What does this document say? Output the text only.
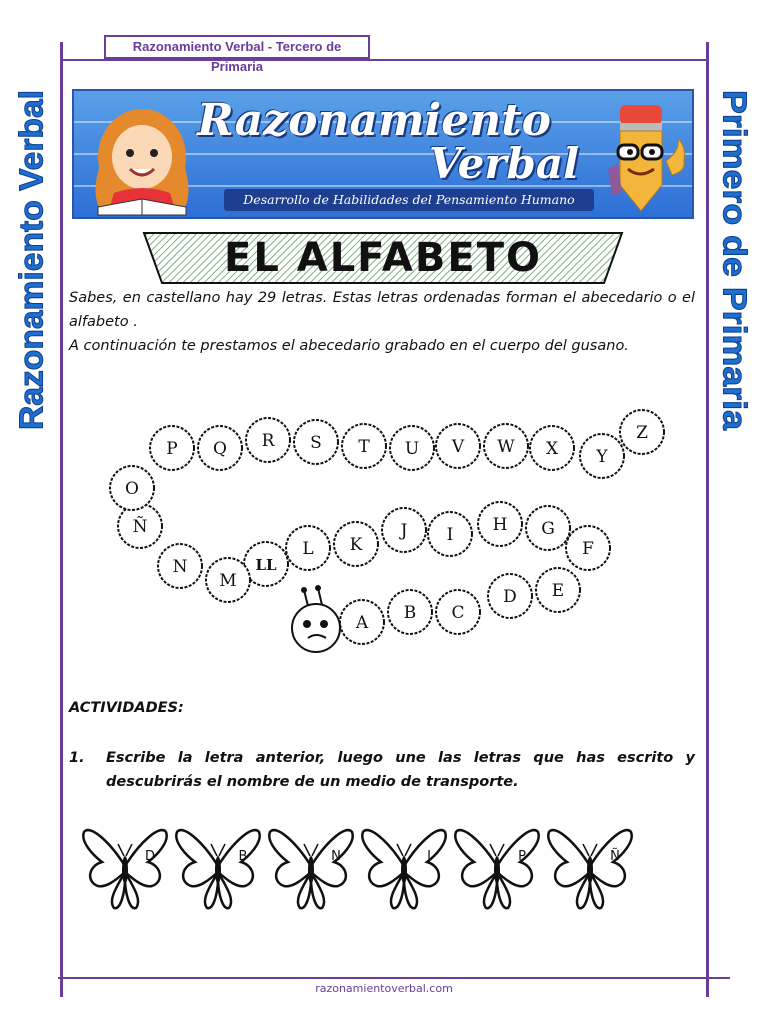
Razonamiento Verbal - Tercero de Primaria
Razonamiento Verbal	Primero de Primaria
Razonamiento
Verbal
Desarrollo de Habilidades del Pensamiento Humano
EL ALFABETO
Sabes, en castellano hay 29 letras. Estas letras ordenadas forman el abecedario o el alfabeto .
A continuación te prestamos el abecedario grabado en el cuerpo del gusano.
A B C
D E
F
G
H
I
J
K
L
LL
M
N
Ñ
O
P Q R S T U V W X Y
Z
ACTIVIDADES:
1. Escribe la letra anterior, luego une las letras que has escrito y descubrirás el nombre de un medio de transporte.
D	B	N	J	P	Ñ
razonamientoverbal.com
